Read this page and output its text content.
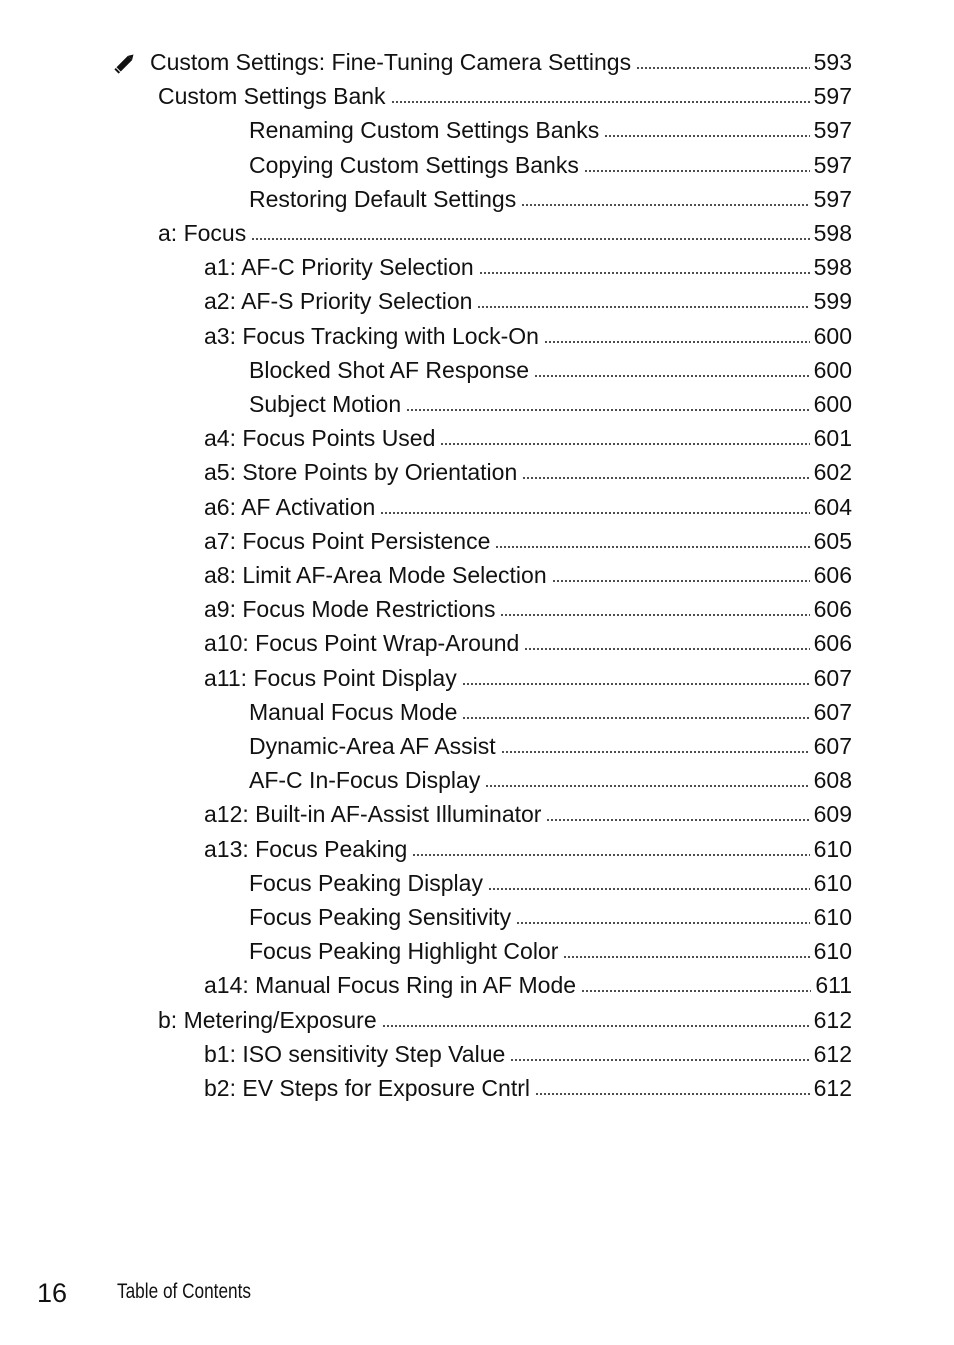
Custom Settings: Fine-Tuning Camera Settings	593
Custom Settings Bank	597
Renaming Custom Settings Banks	597
Copying Custom Settings Banks	597
Restoring Default Settings	597
a: Focus	598
a1: AF-C Priority Selection	598
a2: AF-S Priority Selection	599
a3: Focus Tracking with Lock-On	600
Blocked Shot AF Response	600
Subject Motion	600
a4: Focus Points Used	601
a5: Store Points by Orientation	602
a6: AF Activation	604
a7: Focus Point Persistence	605
a8: Limit AF-Area Mode Selection	606
a9: Focus Mode Restrictions	606
a10: Focus Point Wrap-Around	606
a11: Focus Point Display	607
Manual Focus Mode	607
Dynamic-Area AF Assist	607
AF-C In-Focus Display	608
a12: Built-in AF-Assist Illuminator	609
a13: Focus Peaking	610
Focus Peaking Display	610
Focus Peaking Sensitivity	610
Focus Peaking Highlight Color	610
a14: Manual Focus Ring in AF Mode	611
b: Metering/Exposure	612
b1: ISO sensitivity Step Value	612
b2: EV Steps for Exposure Cntrl	612
16 Table of Contents
